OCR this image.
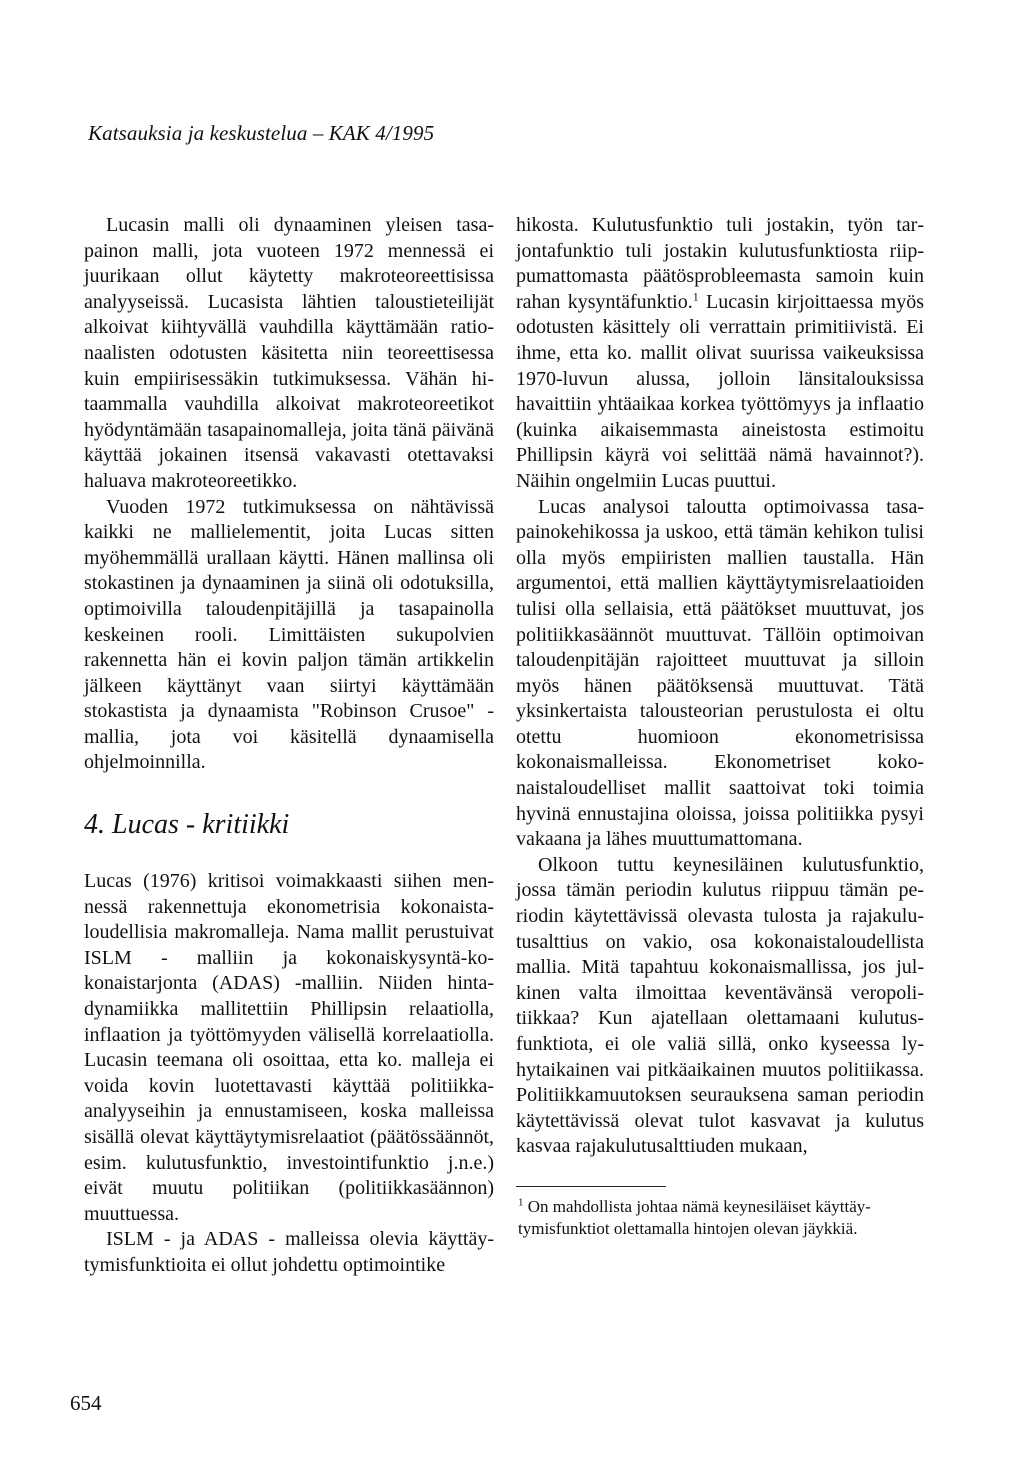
Katsauksia ja keskustelua – KAK 4/1995

Lucasin malli oli dynaaminen yleisen tasapainon malli, jota vuoteen 1972 mennessä ei juurikaan ollut käytetty makroteoreettisissa analyyseissä. Lucasista lähtien taloustieteilijät alkoivat kiihtyvällä vauhdilla käyttämään rationaalisten odotusten käsitetta niin teoreettisessa kuin empiirisessäkin tutkimuksessa. Vähän hitaammalla vauhdilla alkoivat makroteoreetikot hyödyntämään tasapainomalleja, joita tänä päivänä käyttää jokainen itsensä vakavasti otettavaksi haluava makroteoreetikko.

Vuoden 1972 tutkimuksessa on nähtävissä kaikki ne mallielementit, joita Lucas sitten myöhemmällä urallaan käytti. Hänen mallinsa oli stokastinen ja dynaaminen ja siinä oli odotuksilla, optimoivilla taloudenpitäjillä ja tasapainolla keskeinen rooli. Limittäisten sukupolvien rakennetta hän ei kovin paljon tämän artikkelin jälkeen käyttänyt vaan siirtyi käyttämään stokastista ja dynaamista "Robinson Crusoe" -mallia, jota voi käsitellä dynaamisella ohjelmoinnilla.

4. Lucas - kritiikki

Lucas (1976) kritisoi voimakkaasti siihen mennessä rakennettuja ekonometrisia kokonaistaloudellisia makromalleja. Nama mallit perustuivat ISLM - malliin ja kokonaiskysyntä-kokonaistarjonta (ADAS) -malliin. Niiden hintadynamiikka mallitettiin Phillipsin relaatiolla, inflaation ja työttömyyden välisellä korrelaatiolla. Lucasin teemana oli osoittaa, etta ko. malleja ei voida kovin luotettavasti käyttää politiikka-analyyseihin ja ennustamiseen, koska malleissa sisällä olevat käyttäytymisrelaatiot (päätössäännöt, esim. kulutusfunktio, investointifunktio j.n.e.) eivät muutu politiikan (politiikkasäännon) muuttuessa.

ISLM - ja ADAS - malleissa olevia käyttäytymisfunktioita ei ollut johdettu optimointike

hikosta. Kulutusfunktio tuli jostakin, työn tarjontafunktio tuli jostakin kulutusfunktiosta riippumattomasta päätösprobleemasta samoin kuin rahan kysyntäfunktio.$^1$ Lucasin kirjoittaessa myös odotusten käsittely oli verrattain primitiivistä. Ei ihme, etta ko. mallit olivat suurissa vaikeuksissa 1970-luvun alussa, jolloin länsitalouksissa havaittiin yhtäaikaa korkea työttömyys ja inflaatio (kuinka aikaisemmasta aineistosta estimoitu Phillipsin käyrä voi selittää nämä havainnot?). Näihin ongelmiin Lucas puuttui.

Lucas analysoi taloutta optimoivassa tasapainokehikossa ja uskoo, että tämän kehikon tulisi olla myös empiiristen mallien taustalla. Hän argumentoi, että mallien käyttäytymisrelaatioiden tulisi olla sellaisia, että päätökset muuttuvat, jos politiikkasäännöt muuttuvat. Tällöin optimoivan taloudenpitäjän rajoitteet muuttuvat ja silloin myös hänen päätöksensä muuttuvat. Tätä yksinkertaista talousteorian perustulosta ei oltu otettu huomioon ekonometrisissa kokonaismalleissa. Ekonometriset kokonaistaloudelliset mallit saattoivat toki toimia hyvinä ennustajina oloissa, joissa politiikka pysyi vakaana ja lähes muuttumattomana.

Olkoon tuttu keynesiläinen kulutusfunktio, jossa tämän periodin kulutus riippuu tämän periodin käytettävissä olevasta tulosta ja rajakulutusalttius on vakio, osa kokonaistaloudellista mallia. Mitä tapahtuu kokonaismallissa, jos julkinen valta ilmoittaa keventävänsä veropolitiikkaa? Kun ajatellaan olettamaani kulutusfunktiota, ei ole valiä sillä, onko kyseessa lyhytaikainen vai pitkäaikainen muutos politiikassa. Politiikkamuutoksen seurauksena saman periodin käytettävissä olevat tulot kasvavat ja kulutus kasvaa rajakulutusalttiuden mukaan,

$^1$ On mahdollista johtaa nämä keynesiläiset käyttäytymisfunktiot olettamalla hintojen olevan jäykkiä.
654
